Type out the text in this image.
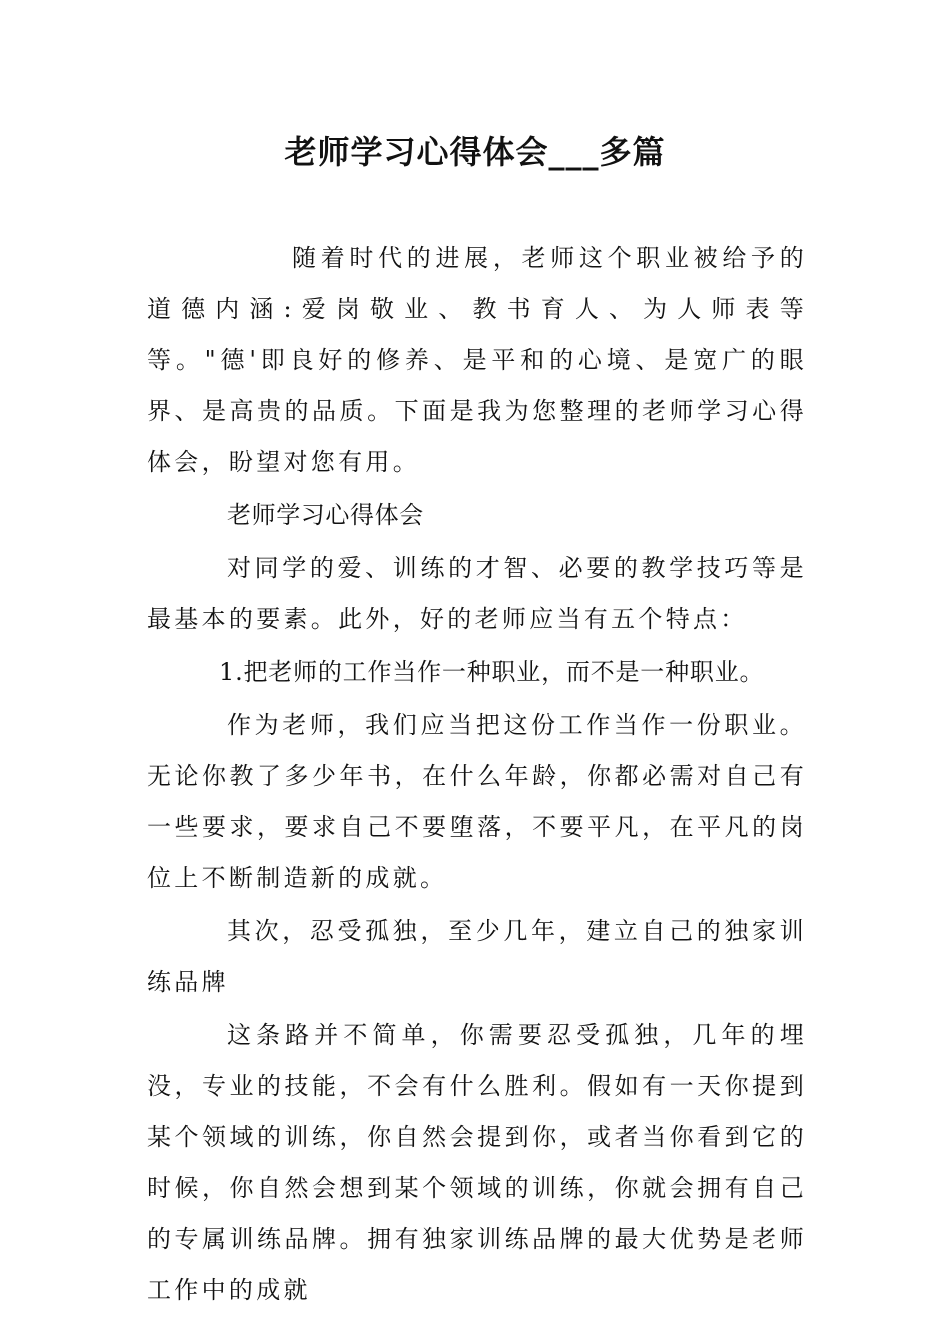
老师学习心得体会___多篇

随着时代的进展，老师这个职业被给予的道德内涵:爱岗敬业、教书育人、为人师表等等。"德'即良好的修养、是平和的心境、是宽广的眼界、是高贵的品质。下面是我为您整理的老师学习心得体会，盼望对您有用。

老师学习心得体会

对同学的爱、训练的才智、必要的教学技巧等是最基本的要素。此外，好的老师应当有五个特点：

1.把老师的工作当作一种职业，而不是一种职业。

作为老师，我们应当把这份工作当作一份职业。无论你教了多少年书，在什么年龄，你都必需对自己有一些要求，要求自己不要堕落，不要平凡，在平凡的岗位上不断制造新的成就。

其次，忍受孤独，至少几年，建立自己的独家训练品牌

这条路并不简单，你需要忍受孤独，几年的埋没，专业的技能，不会有什么胜利。假如有一天你提到某个领域的训练，你自然会提到你，或者当你看到它的时候，你自然会想到某个领域的训练，你就会拥有自己的专属训练品牌。拥有独家训练品牌的最大优势是老师工作中的成就
